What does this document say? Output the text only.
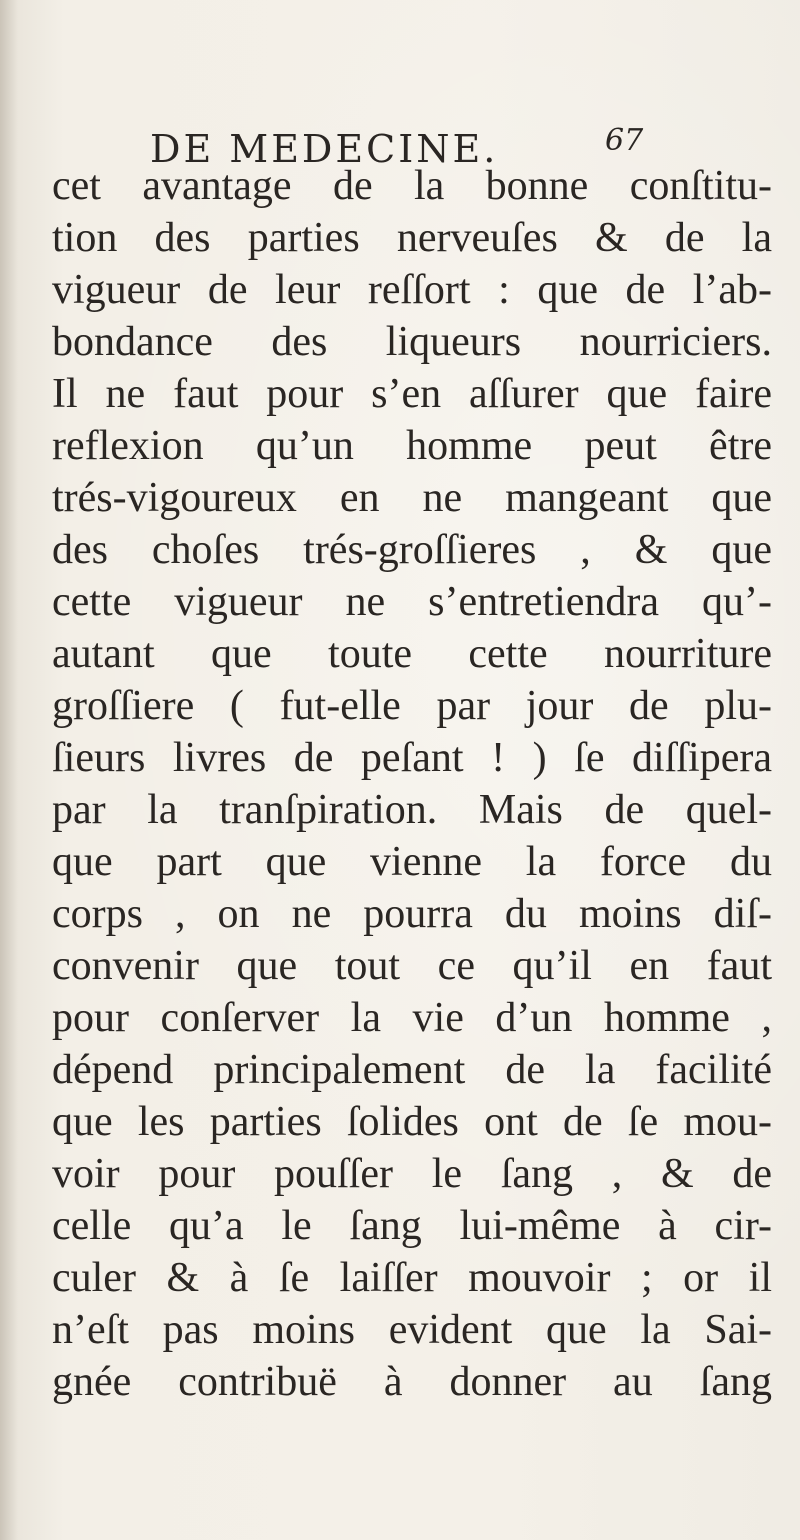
DE MEDECINE.	67
cet avantage de la bonne conſtitu-
tion des parties nerveuſes & de la
vigueur de leur reſſort : que de l’ab-
bondance des liqueurs nourriciers.
Il ne faut pour s’en aſſurer que faire
reflexion qu’un homme peut être
trés-vigoureux en ne mangeant que
des choſes trés-groſſieres , & que
cette vigueur ne s’entretiendra qu’-
autant que toute cette nourriture
groſſiere ( fut-elle par jour de plu-
ſieurs livres de peſant ! ) ſe diſſipera
par la tranſpiration. Mais de quel-
que part que vienne la force du
corps , on ne pourra du moins diſ-
convenir que tout ce qu’il en faut
pour conſerver la vie d’un homme ,
dépend principalement de la facilité
que les parties ſolides ont de ſe mou-
voir pour pouſſer le ſang , & de
celle qu’a le ſang lui-même à cir-
culer & à ſe laiſſer mouvoir ; or il
n’eſt pas moins evident que la Sai-
gnée contribuë à donner au ſang
